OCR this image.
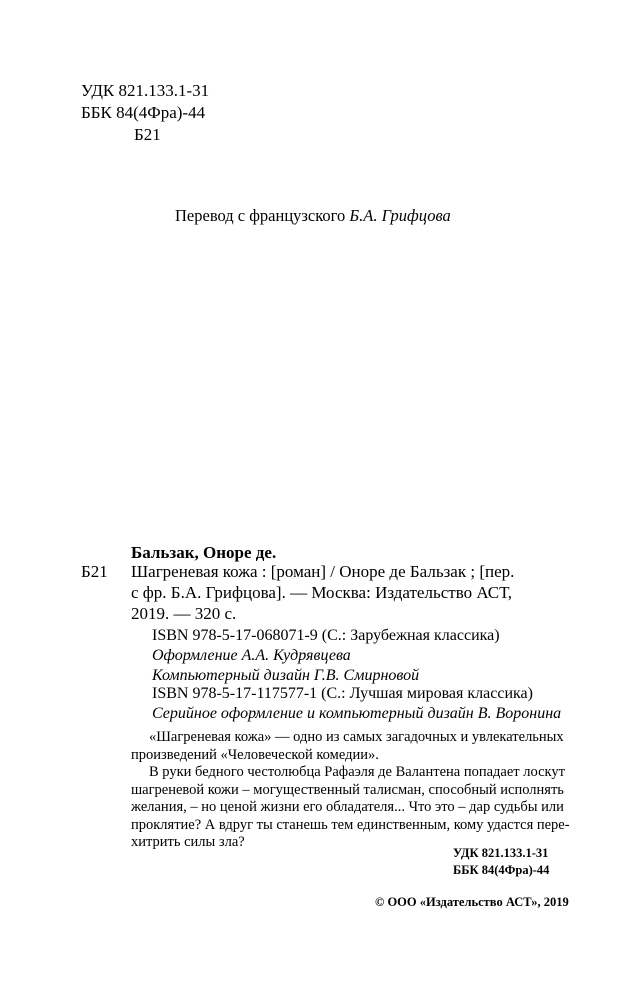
УДК 821.133.1-31
ББК 84(4Фра)-44
Б21
Перевод с французского Б.А. Грифцова
Бальзак, Оноре де.
Б21 Шагреневая кожа : [роман] / Оноре де Бальзак ; [пер.
с фр. Б.А. Грифцова]. — Москва: Издательство АСТ,
2019. — 320 с.
ISBN 978-5-17-068071-9 (С.: Зарубежная классика)
Оформление А.А. Кудрявцева
Компьютерный дизайн Г.В. Смирновой
ISBN 978-5-17-117577-1 (С.: Лучшая мировая классика)
Серийное оформление и компьютерный дизайн В. Воронина

«Шагреневая кожа» — одно из самых загадочных и увлекательных
произведений «Человеческой комедии».

В руки бедного честолюбца Рафаэля де Валантена попадает лоскут
шагреневой кожи – могущественный талисман, способный исполнять
желания, – но ценой жизни его обладателя... Что это – дар судьбы или
проклятие? А вдруг ты станешь тем единственным, кому удастся пере-
хитрить силы зла?

УДК 821.133.1-31
ББК 84(4Фра)-44
© ООО «Издательство АСТ», 2019
